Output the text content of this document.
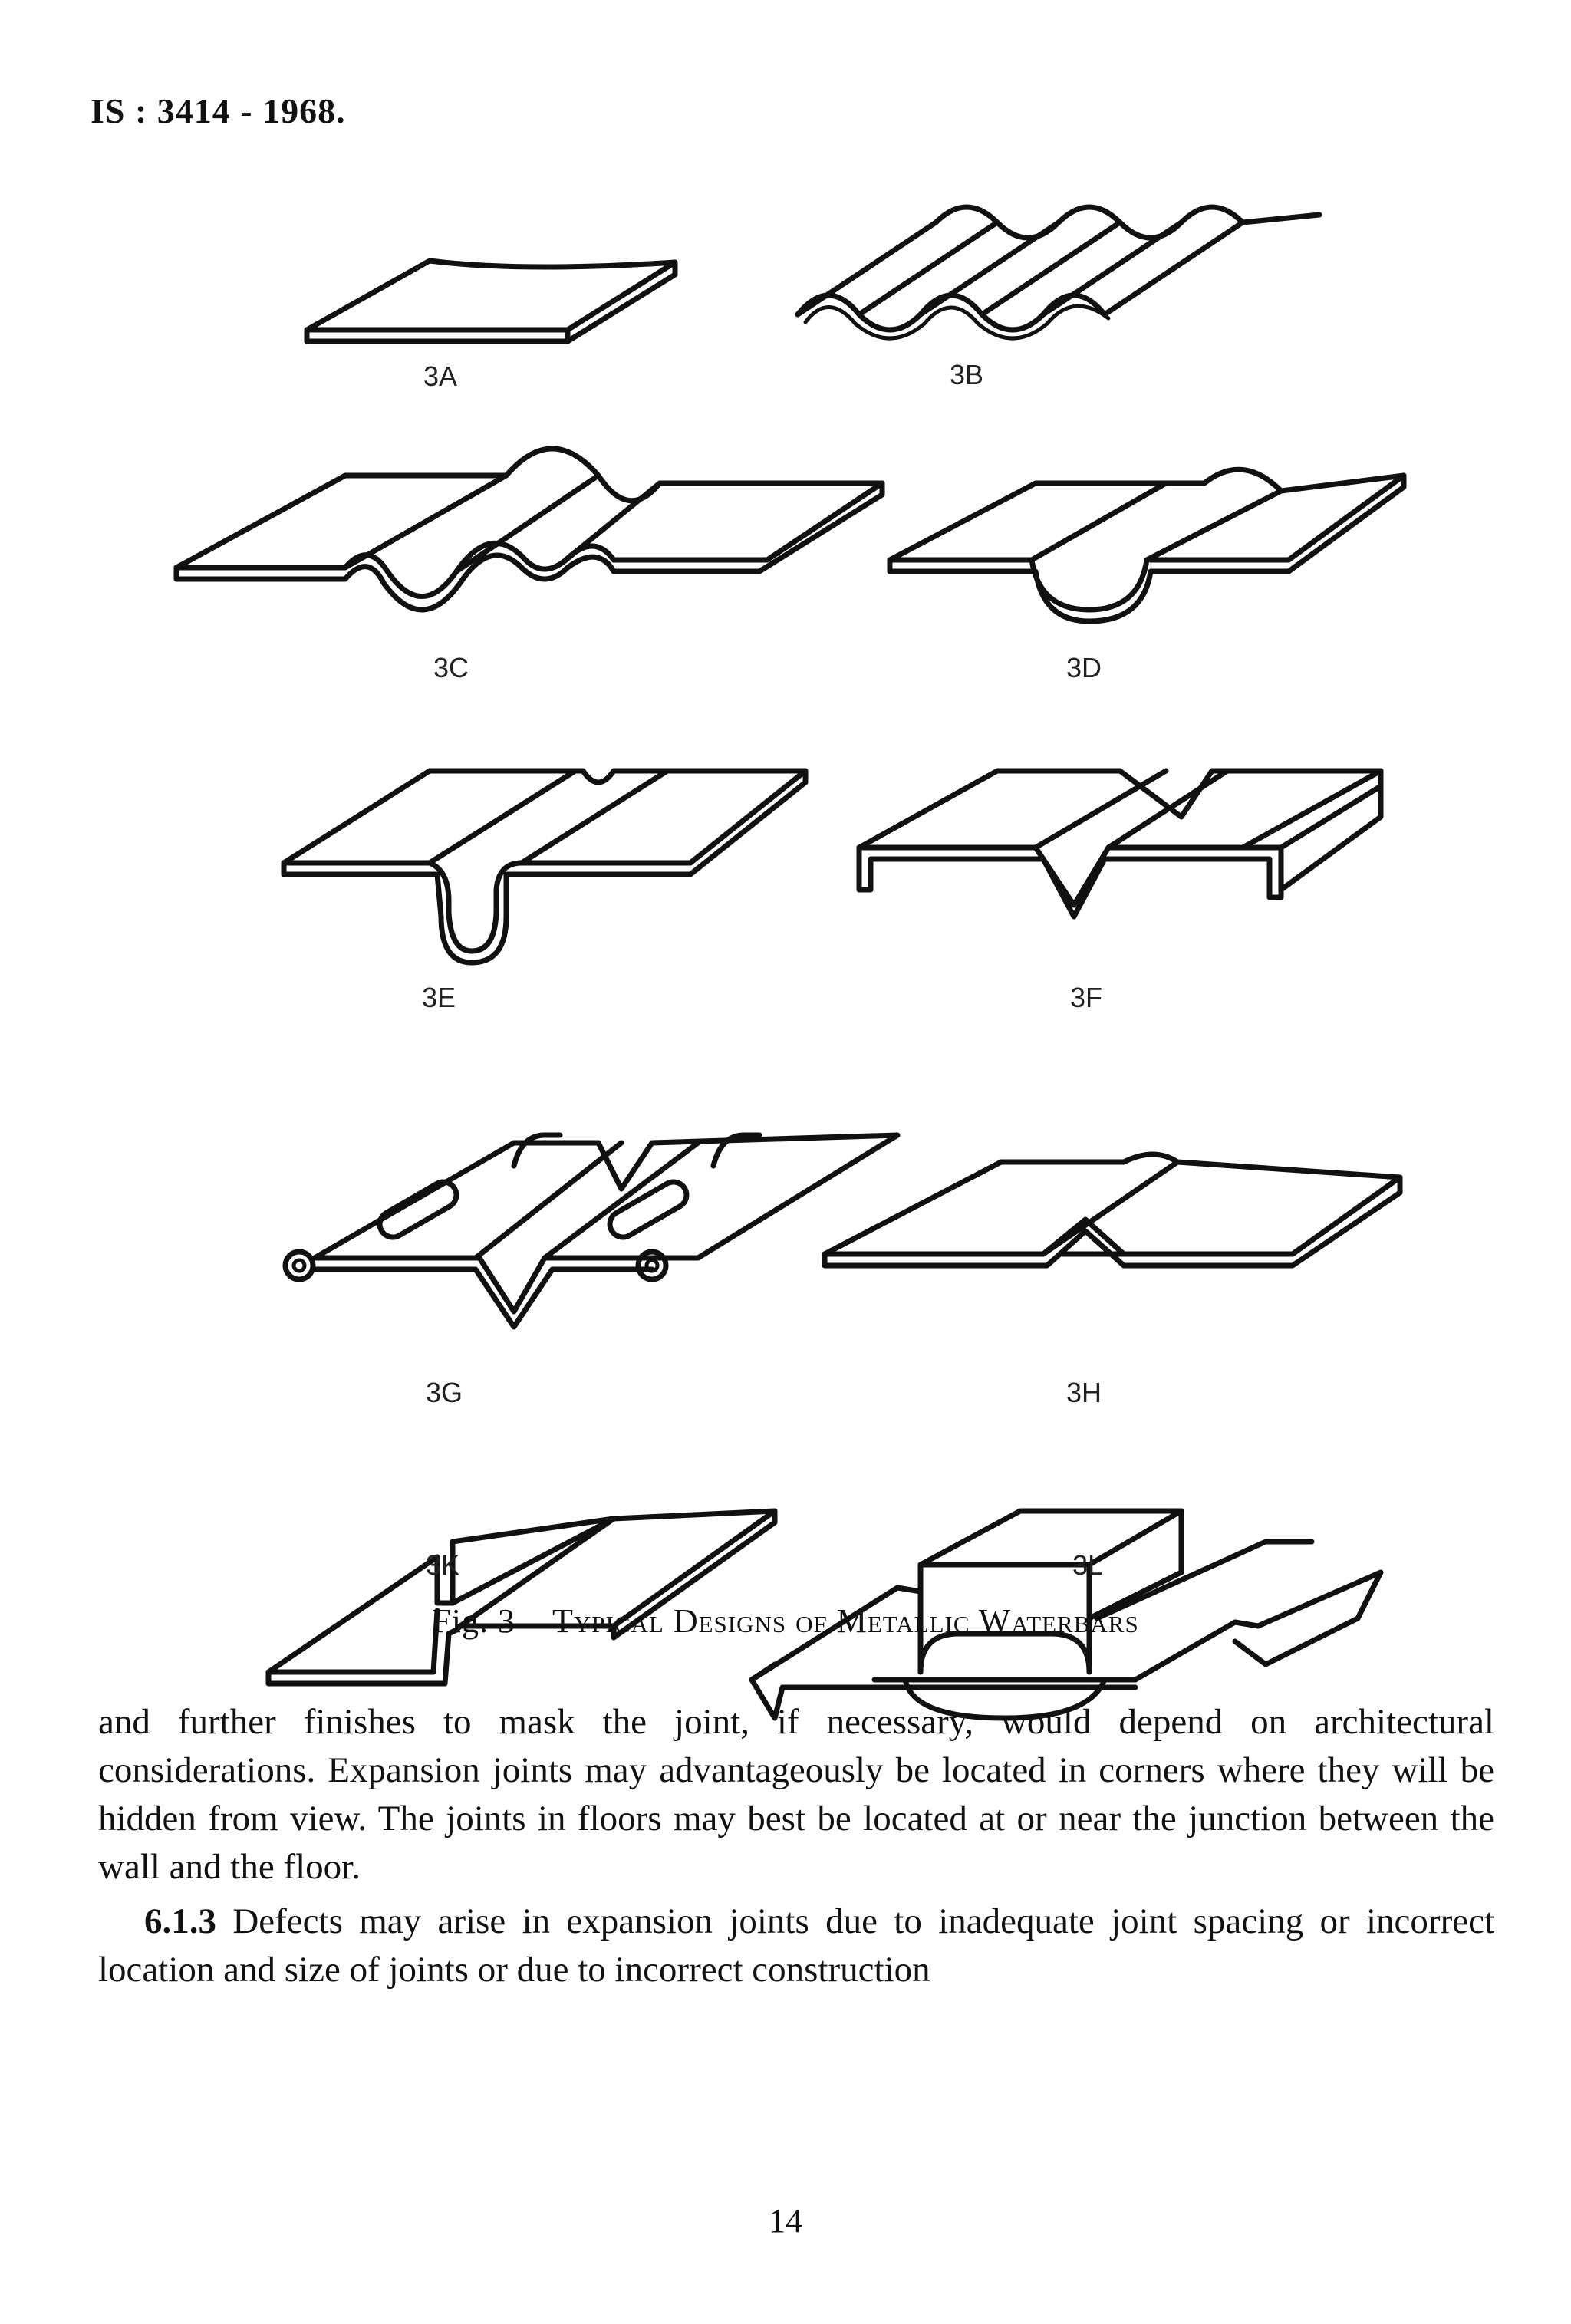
IS : 3414 - 1968.
3A	3B
3C	3D
3E	3F
3G	3H
3K	3L
Fig. 3 Typical Designs of Metallic Waterbars
and further finishes to mask the joint, if necessary, would depend on architectural considerations. Expansion joints may advantageously be located in corners where they will be hidden from view. The joints in floors may best be located at or near the junction between the wall and the floor.
6.1.3 Defects may arise in expansion joints due to inadequate joint spacing or incorrect location and size of joints or due to incorrect construction
14
